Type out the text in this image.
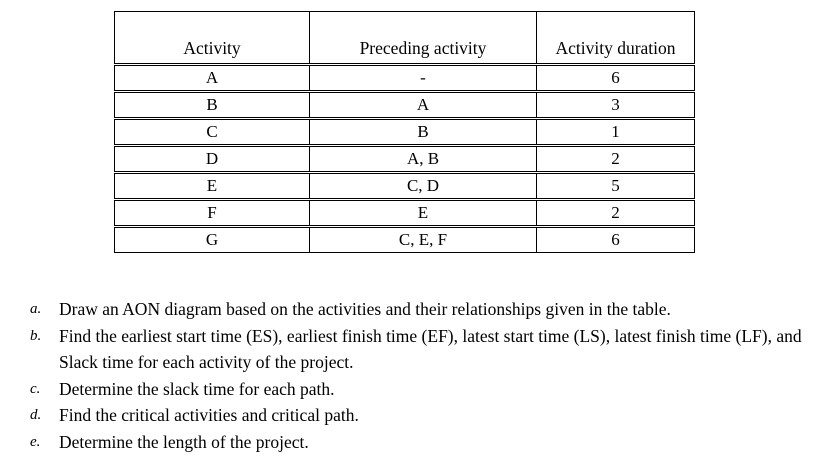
Activity	Preceding activity	Activity duration
A	-	6
B	A	3
C	B	1
D	A, B	2
E	C, D	5
F	E	2
G	C, E, F	6
a. Draw an AON diagram based on the activities and their relationships given in the table.
b. Find the earliest start time (ES), earliest finish time (EF), latest start time (LS), latest finish time (LF), and Slack time for each activity of the project.
c. Determine the slack time for each path.
d. Find the critical activities and critical path.
e. Determine the length of the project.
